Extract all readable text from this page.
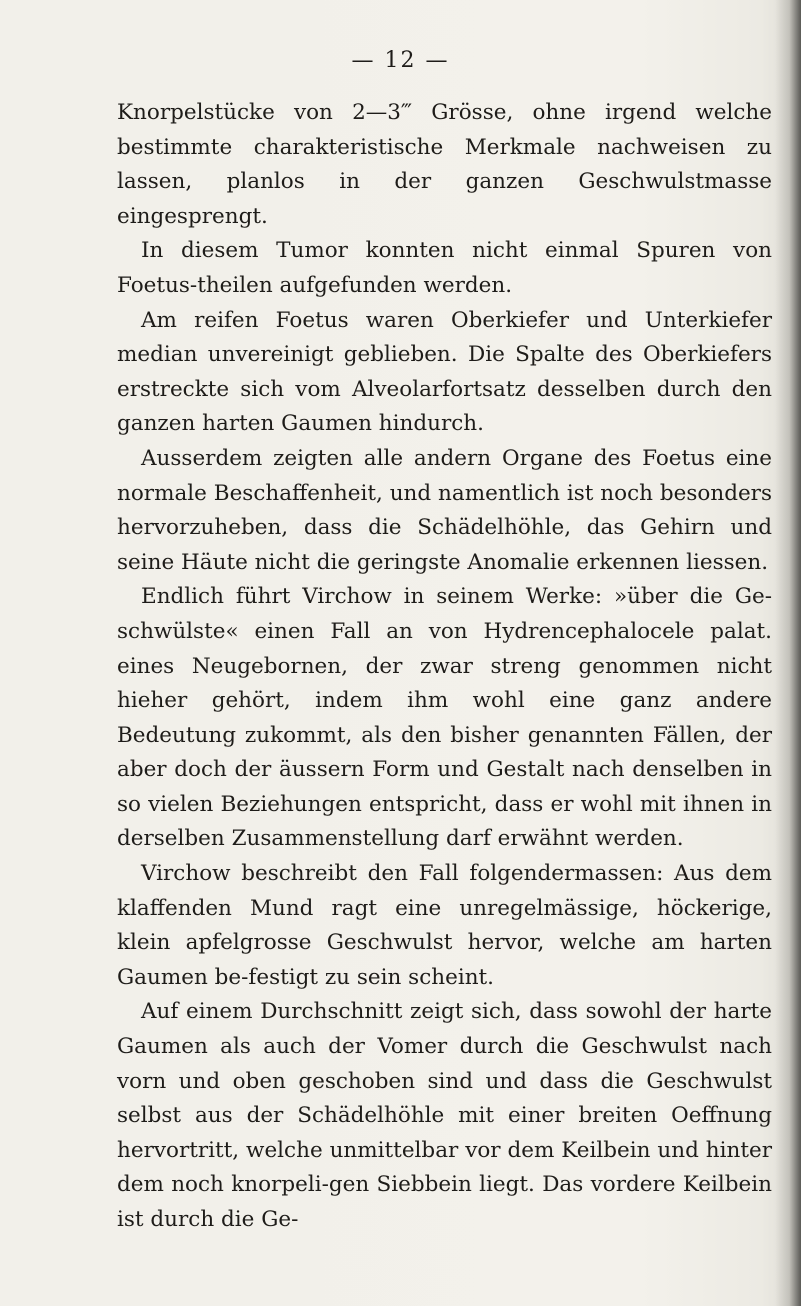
— 12 —

Knorpelstücke von 2—3‴ Grösse, ohne irgend welche bestimmte charakteristische Merkmale nachweisen zu lassen, planlos in der ganzen Geschwulstmasse eingesprengt.

In diesem Tumor konnten nicht einmal Spuren von Foetus-theilen aufgefunden werden.

Am reifen Foetus waren Oberkiefer und Unterkiefer median unvereinigt geblieben. Die Spalte des Oberkiefers erstreckte sich vom Alveolarfortsatz desselben durch den ganzen harten Gaumen hindurch.

Ausserdem zeigten alle andern Organe des Foetus eine normale Beschaffenheit, und namentlich ist noch besonders hervorzuheben, dass die Schädelhöhle, das Gehirn und seine Häute nicht die geringste Anomalie erkennen liessen.

Endlich führt Virchow in seinem Werke: »über die Ge-schwülste« einen Fall an von Hydrencephalocele palat. eines Neugebornen, der zwar streng genommen nicht hieher gehört, indem ihm wohl eine ganz andere Bedeutung zukommt, als den bisher genannten Fällen, der aber doch der äussern Form und Gestalt nach denselben in so vielen Beziehungen entspricht, dass er wohl mit ihnen in derselben Zusammenstellung darf erwähnt werden.

Virchow beschreibt den Fall folgendermassen: Aus dem klaffenden Mund ragt eine unregelmässige, höckerige, klein apfelgrosse Geschwulst hervor, welche am harten Gaumen be-festigt zu sein scheint.

Auf einem Durchschnitt zeigt sich, dass sowohl der harte Gaumen als auch der Vomer durch die Geschwulst nach vorn und oben geschoben sind und dass die Geschwulst selbst aus der Schädelhöhle mit einer breiten Oeffnung hervortritt, welche unmittelbar vor dem Keilbein und hinter dem noch knorpeli-gen Siebbein liegt. Das vordere Keilbein ist durch die Ge-
